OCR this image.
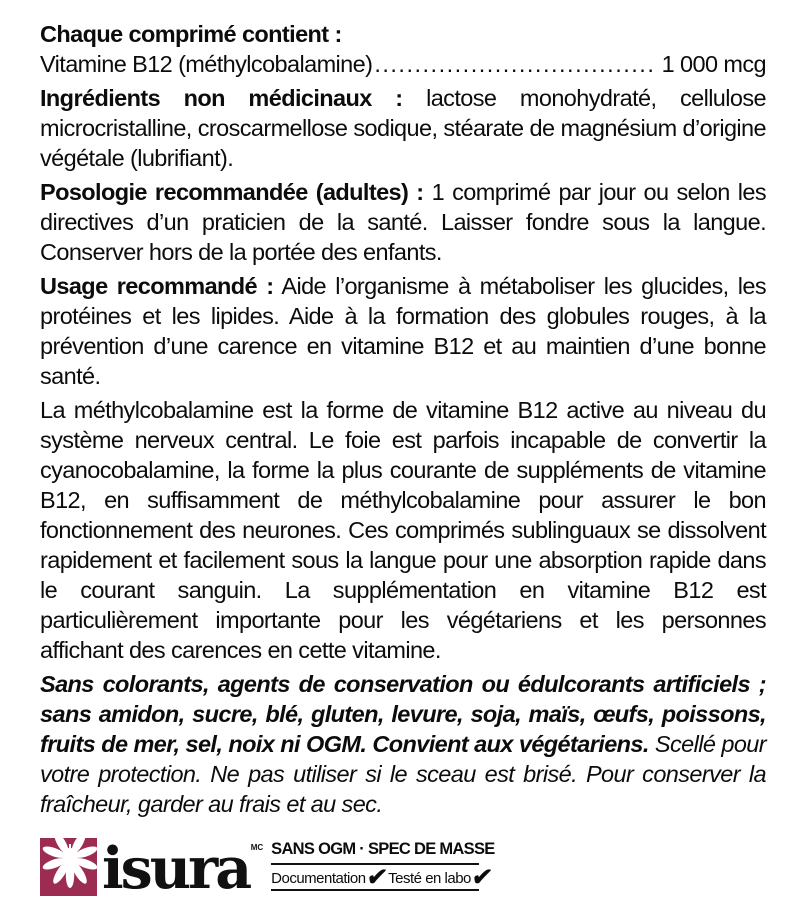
Chaque comprimé contient :

Vitamine B12 (méthylcobalamine) .....	1 000 mcg

Ingrédients non médicinaux : lactose monohydraté, cellulose microcristalline, croscarmellose sodique, stéarate de magnésium d’origine végétale (lubrifiant).

Posologie recommandée (adultes) : 1 comprimé par jour ou selon les directives d’un praticien de la santé. Laisser fondre sous la langue. Conserver hors de la portée des enfants.

Usage recommandé : Aide l’organisme à métaboliser les glucides, les protéines et les lipides. Aide à la formation des globules rouges, à la prévention d’une carence en vitamine B12 et au maintien d’une bonne santé.

La méthylcobalamine est la forme de vitamine B12 active au niveau du système nerveux central. Le foie est parfois incapable de convertir la cyanocobalamine, la forme la plus courante de suppléments de vitamine B12, en suffisamment de méthylcobalamine pour assurer le bon fonctionnement des neurones. Ces comprimés sublinguaux se dissolvent rapidement et facilement sous la langue pour une absorption rapide dans le courant sanguin. La supplémentation en vitamine B12 est particulièrement importante pour les végétariens et les personnes affichant des carences en cette vitamine.

Sans colorants, agents de conservation ou édulcorants artificiels ; sans amidon, sucre, blé, gluten, levure, soja, maïs, œufs, poissons, fruits de mer, sel, noix ni OGM. Convient aux végétariens. Scellé pour votre protection. Ne pas utiliser si le sceau est brisé. Pour conserver la fraîcheur, garder au frais et au sec.

isura MC SANS OGM · SPEC DE MASSE
Documentation ✔ Testé en labo ✔
